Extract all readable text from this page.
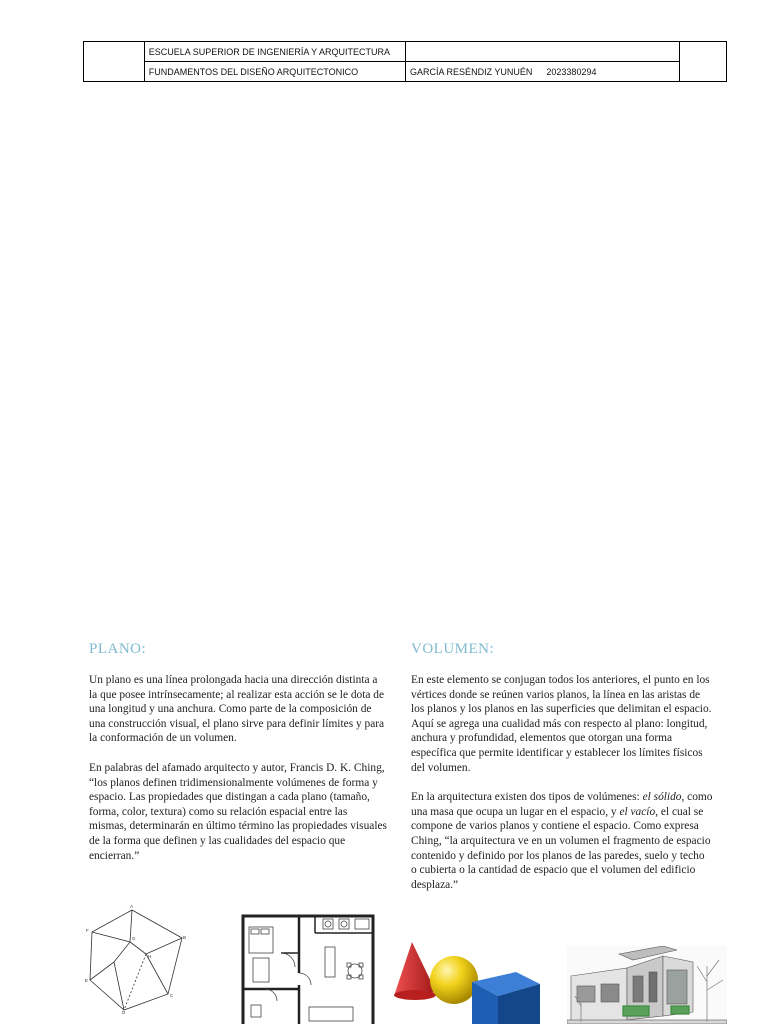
	ESCUELA SUPERIOR DE INGENIERÍA Y ARQUITECTURA		
	FUNDAMENTOS DEL DISEÑO ARQUITECTONICO	GARCÍA RESÉNDIZ YUNUÉN 2023380294	
PLANO:

Un plano es una línea prolongada hacia una dirección distinta a la que posee intrínsecamente; al realizar esta acción se le dota de una longitud y una anchura. Como parte de la composición de una construcción visual, el plano sirve para definir límites y para la conformación de un volumen.

En palabras del afamado arquitecto y autor, Francis D. K. Ching, “los planos definen tridimensionalmente volúmenes de forma y espacio. Las propiedades que distingan a cada plano (tamaño, forma, color, textura) como su relación espacial entre las mismas, determinarán en último término las propiedades visuales de la forma que definen y las cualidades del espacio que encierran.”

VOLUMEN:

En este elemento se conjugan todos los anteriores, el punto en los vértices donde se reúnen varios planos, la línea en las aristas de los planos y los planos en las superficies que delimitan el espacio. Aquí se agrega una cualidad más con respecto al plano: longitud, anchura y profundidad, elementos que otorgan una forma específica que permite identificar y establecer los límites físicos del volumen.

En la arquitectura existen dos tipos de volúmenes: el sólido, como una masa que ocupa un lugar en el espacio, y el vacío, el cual se compone de varios planos y contiene el espacio. Como expresa Ching, “la arquitectura ve en un volumen el fragmento de espacio contenido y definido por los planos de las paredes, suelo y techo o cubierta o la cantidad de espacio que el volumen del edificio desplaza.”

A
B
C
D
E
F
G
H
